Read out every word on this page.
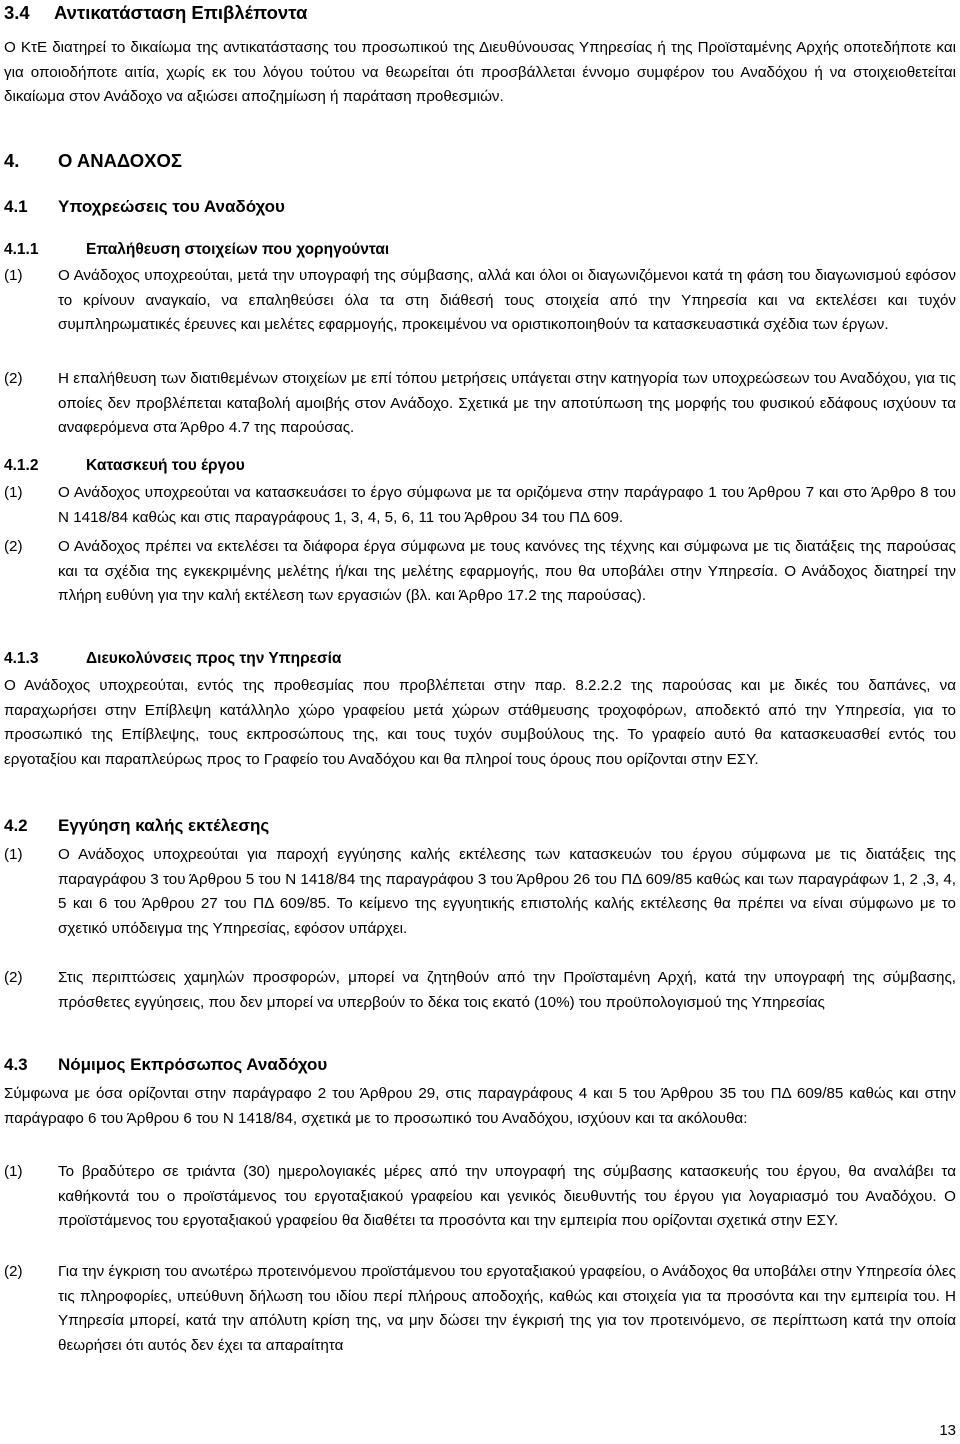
3.4 Αντικατάσταση Επιβλέποντα

Ο ΚτΕ διατηρεί το δικαίωμα της αντικατάστασης του προσωπικού της Διευθύνουσας Υπηρεσίας ή της Προϊσταμένης Αρχής οποτεδήποτε και για οποιοδήποτε αιτία, χωρίς εκ του λόγου τούτου να θεωρείται ότι προσβάλλεται έννομο συμφέρον του Αναδόχου ή να στοιχειοθετείται δικαίωμα στον Ανάδοχο να αξιώσει αποζημίωση ή παράταση προθεσμιών.

4. Ο ΑΝΑΔΟΧΟΣ
4.1 Υποχρεώσεις του Αναδόχου
4.1.1	Επαλήθευση στοιχείων που χορηγούνται
(1)	Ο Ανάδοχος υποχρεούται, μετά την υπογραφή της σύμβασης, αλλά και όλοι οι διαγωνιζόμενοι κατά τη φάση του διαγωνισμού εφόσον το κρίνουν αναγκαίο, να επαληθεύσει όλα τα στη διάθεσή τους στοιχεία από την Υπηρεσία και να εκτελέσει και τυχόν συμπληρωματικές έρευνες και μελέτες εφαρμογής, προκειμένου να οριστικοποιηθούν τα κατασκευαστικά σχέδια των έργων.

(2)	Η επαλήθευση των διατιθεμένων στοιχείων με επί τόπου μετρήσεις υπάγεται στην κατηγορία των υποχρεώσεων του Αναδόχου, για τις οποίες δεν προβλέπεται καταβολή αμοιβής στον Ανάδοχο. Σχετικά με την αποτύπωση της μορφής του φυσικού εδάφους ισχύουν τα αναφερόμενα στα Άρθρο 4.7 της παρούσας.

4.1.2	Κατασκευή του έργου
(1)	Ο Ανάδοχος υποχρεούται να κατασκευάσει το έργο σύμφωνα με τα οριζόμενα στην παράγραφο 1 του Άρθρου 7 και στο Άρθρο 8 του Ν 1418/84 καθώς και στις παραγράφους 1, 3, 4, 5, 6, 11 του Άρθρου 34 του ΠΔ 609.

(2)	Ο Ανάδοχος πρέπει να εκτελέσει τα διάφορα έργα σύμφωνα με τους κανόνες της τέχνης και σύμφωνα με τις διατάξεις της παρούσας και τα σχέδια της εγκεκριμένης μελέτης ή/και της μελέτης εφαρμογής, που θα υποβάλει στην Υπηρεσία. Ο Ανάδοχος διατηρεί την πλήρη ευθύνη για την καλή εκτέλεση των εργασιών (βλ. και Άρθρο 17.2 της παρούσας).

4.1.3	Διευκολύνσεις προς την Υπηρεσία

Ο Ανάδοχος υποχρεούται, εντός της προθεσμίας που προβλέπεται στην παρ. 8.2.2.2 της παρούσας και με δικές του δαπάνες, να παραχωρήσει στην Επίβλεψη κατάλληλο χώρο γραφείου μετά χώρων στάθμευσης τροχοφόρων, αποδεκτό από την Υπηρεσία, για το προσωπικό της Επίβλεψης, τους εκπροσώπους της, και τους τυχόν συμβούλους της. Το γραφείο αυτό θα κατασκευασθεί εντός του εργοταξίου και παραπλεύρως προς το Γραφείο του Αναδόχου και θα πληροί τους όρους που ορίζονται στην ΕΣΥ.

4.2 Εγγύηση καλής εκτέλεσης
(1)	Ο Ανάδοχος υποχρεούται για παροχή εγγύησης καλής εκτέλεσης των κατασκευών του έργου σύμφωνα με τις διατάξεις της παραγράφου 3 του Άρθρου 5 του Ν 1418/84 της παραγράφου 3 του Άρθρου 26 του ΠΔ 609/85 καθώς και των παραγράφων 1, 2 ,3, 4, 5 και 6 του Άρθρου 27 του ΠΔ 609/85. Το κείμενο της εγγυητικής επιστολής καλής εκτέλεσης θα πρέπει να είναι σύμφωνο με το σχετικό υπόδειγμα της Υπηρεσίας, εφόσον υπάρχει.

(2)	Στις περιπτώσεις χαμηλών προσφορών, μπορεί να ζητηθούν από την Προϊσταμένη Αρχή, κατά την υπογραφή της σύμβασης, πρόσθετες εγγύησεις, που δεν μπορεί να υπερβούν το δέκα τοις εκατό (10%) του προϋπολογισμού της Υπηρεσίας

4.3 Νόμιμος Εκπρόσωπος Αναδόχου

Σύμφωνα με όσα ορίζονται στην παράγραφο 2 του Άρθρου 29, στις παραγράφους 4 και 5 του Άρθρου 35 του ΠΔ 609/85 καθώς και στην παράγραφο 6 του Άρθρου 6 του Ν 1418/84, σχετικά με το προσωπικό του Αναδόχου, ισχύουν και τα ακόλουθα:

(1)	Το βραδύτερο σε τριάντα (30) ημερολογιακές μέρες από την υπογραφή της σύμβασης κατασκευής του έργου, θα αναλάβει τα καθήκοντά του ο προϊστάμενος του εργοταξιακού γραφείου και γενικός διευθυντής του έργου για λογαριασμό του Αναδόχου. Ο προϊστάμενος του εργοταξιακού γραφείου θα διαθέτει τα προσόντα και την εμπειρία που ορίζονται σχετικά στην ΕΣΥ.

(2)	Για την έγκριση του ανωτέρω προτεινόμενου προϊστάμενου του εργοταξιακού γραφείου, ο Ανάδοχος θα υποβάλει στην Υπηρεσία όλες τις πληροφορίες, υπεύθυνη δήλωση του ιδίου περί πλήρους αποδοχής, καθώς και στοιχεία για τα προσόντα και την εμπειρία του. Η Υπηρεσία μπορεί, κατά την απόλυτη κρίση της, να μην δώσει την έγκρισή της για τον προτεινόμενο, σε περίπτωση κατά την οποία θεωρήσει ότι αυτός δεν έχει τα απαραίτητα

13
